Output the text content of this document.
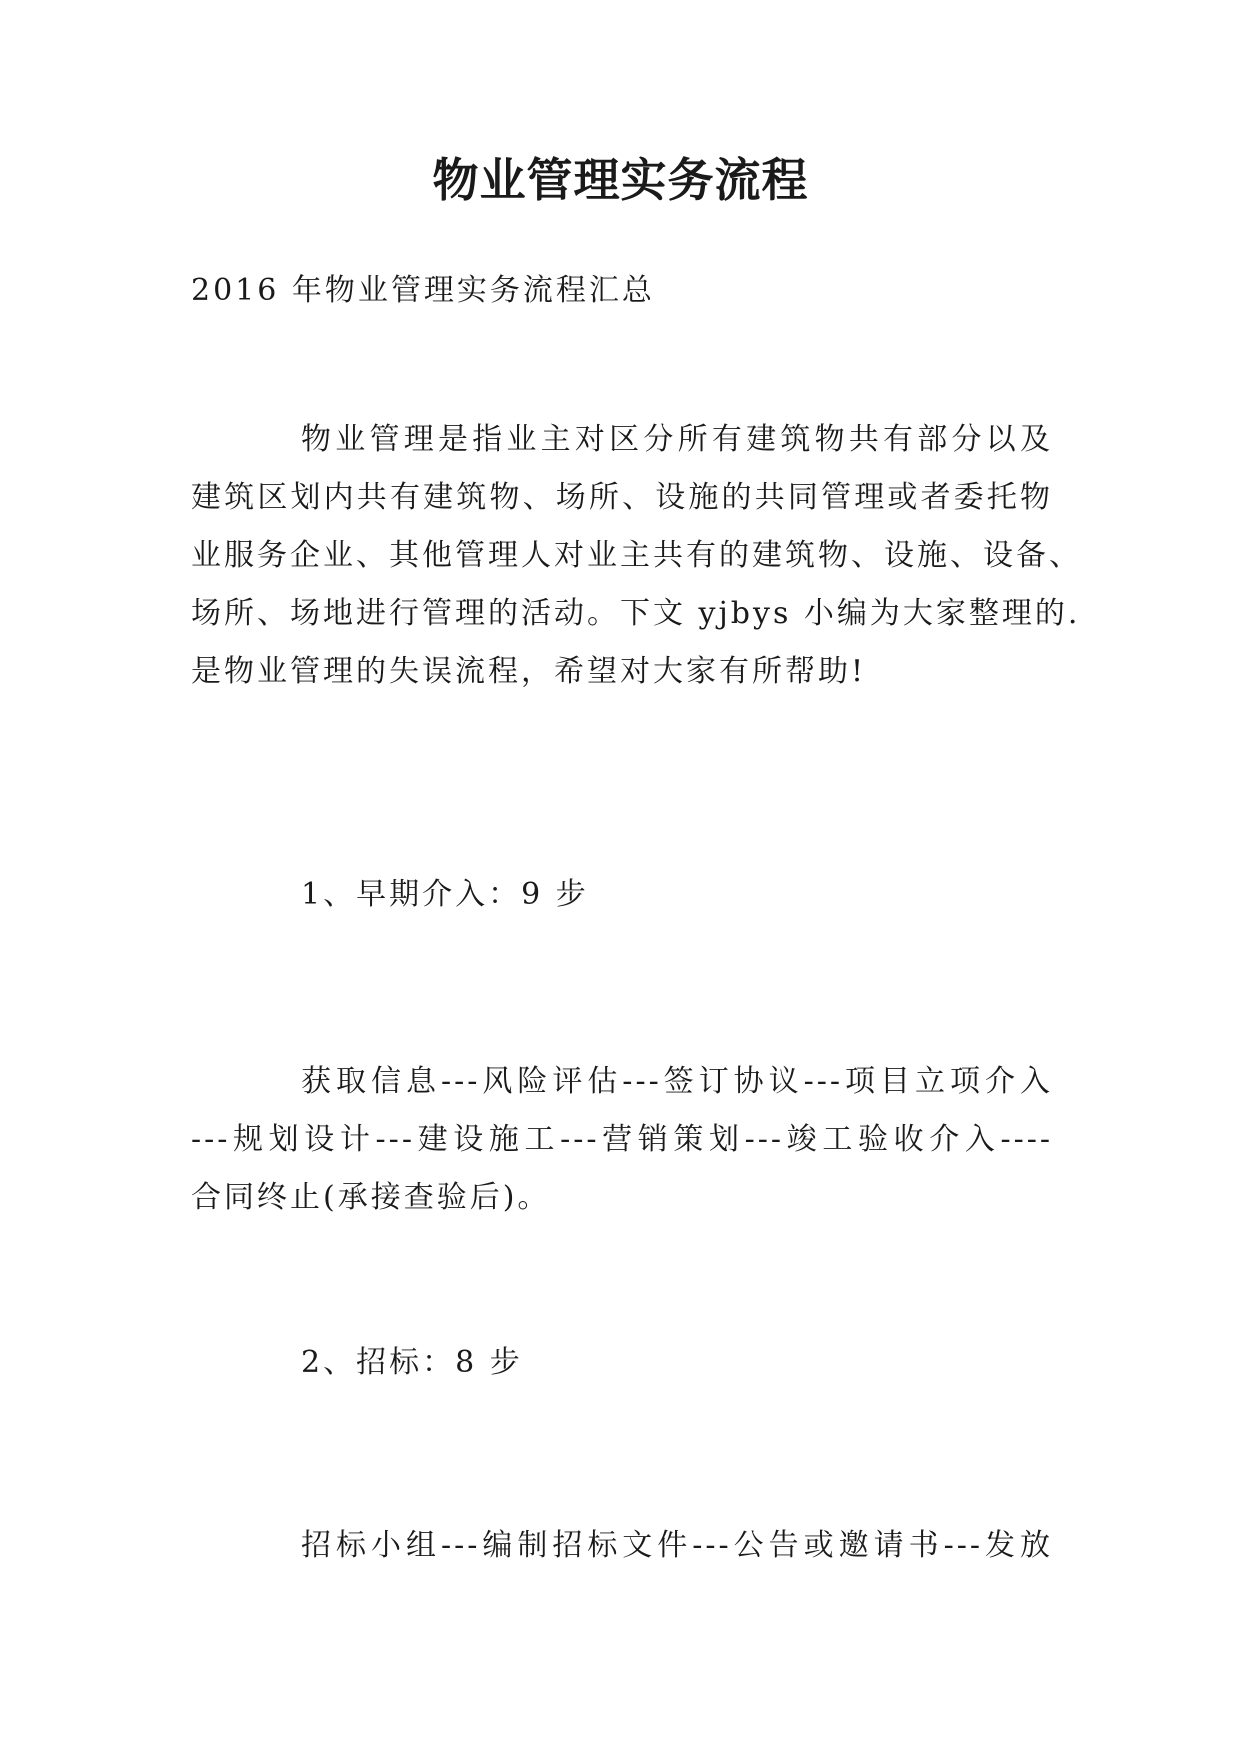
物业管理实务流程
2016 年物业管理实务流程汇总
物业管理是指业主对区分所有建筑物共有部分以及
建筑区划内共有建筑物、场所、设施的共同管理或者委托物
业服务企业、其他管理人对业主共有的建筑物、设施、设备、
场所、场地进行管理的活动。下文 yjbys 小编为大家整理的.
是物业管理的失误流程，希望对大家有所帮助!
1、早期介入：9 步
获取信息---风险评估---签订协议---项目立项介入
---规划设计---建设施工---营销策划---竣工验收介入----
合同终止(承接查验后)。
2、招标：8 步
招标小组---编制招标文件---公告或邀请书---发放
